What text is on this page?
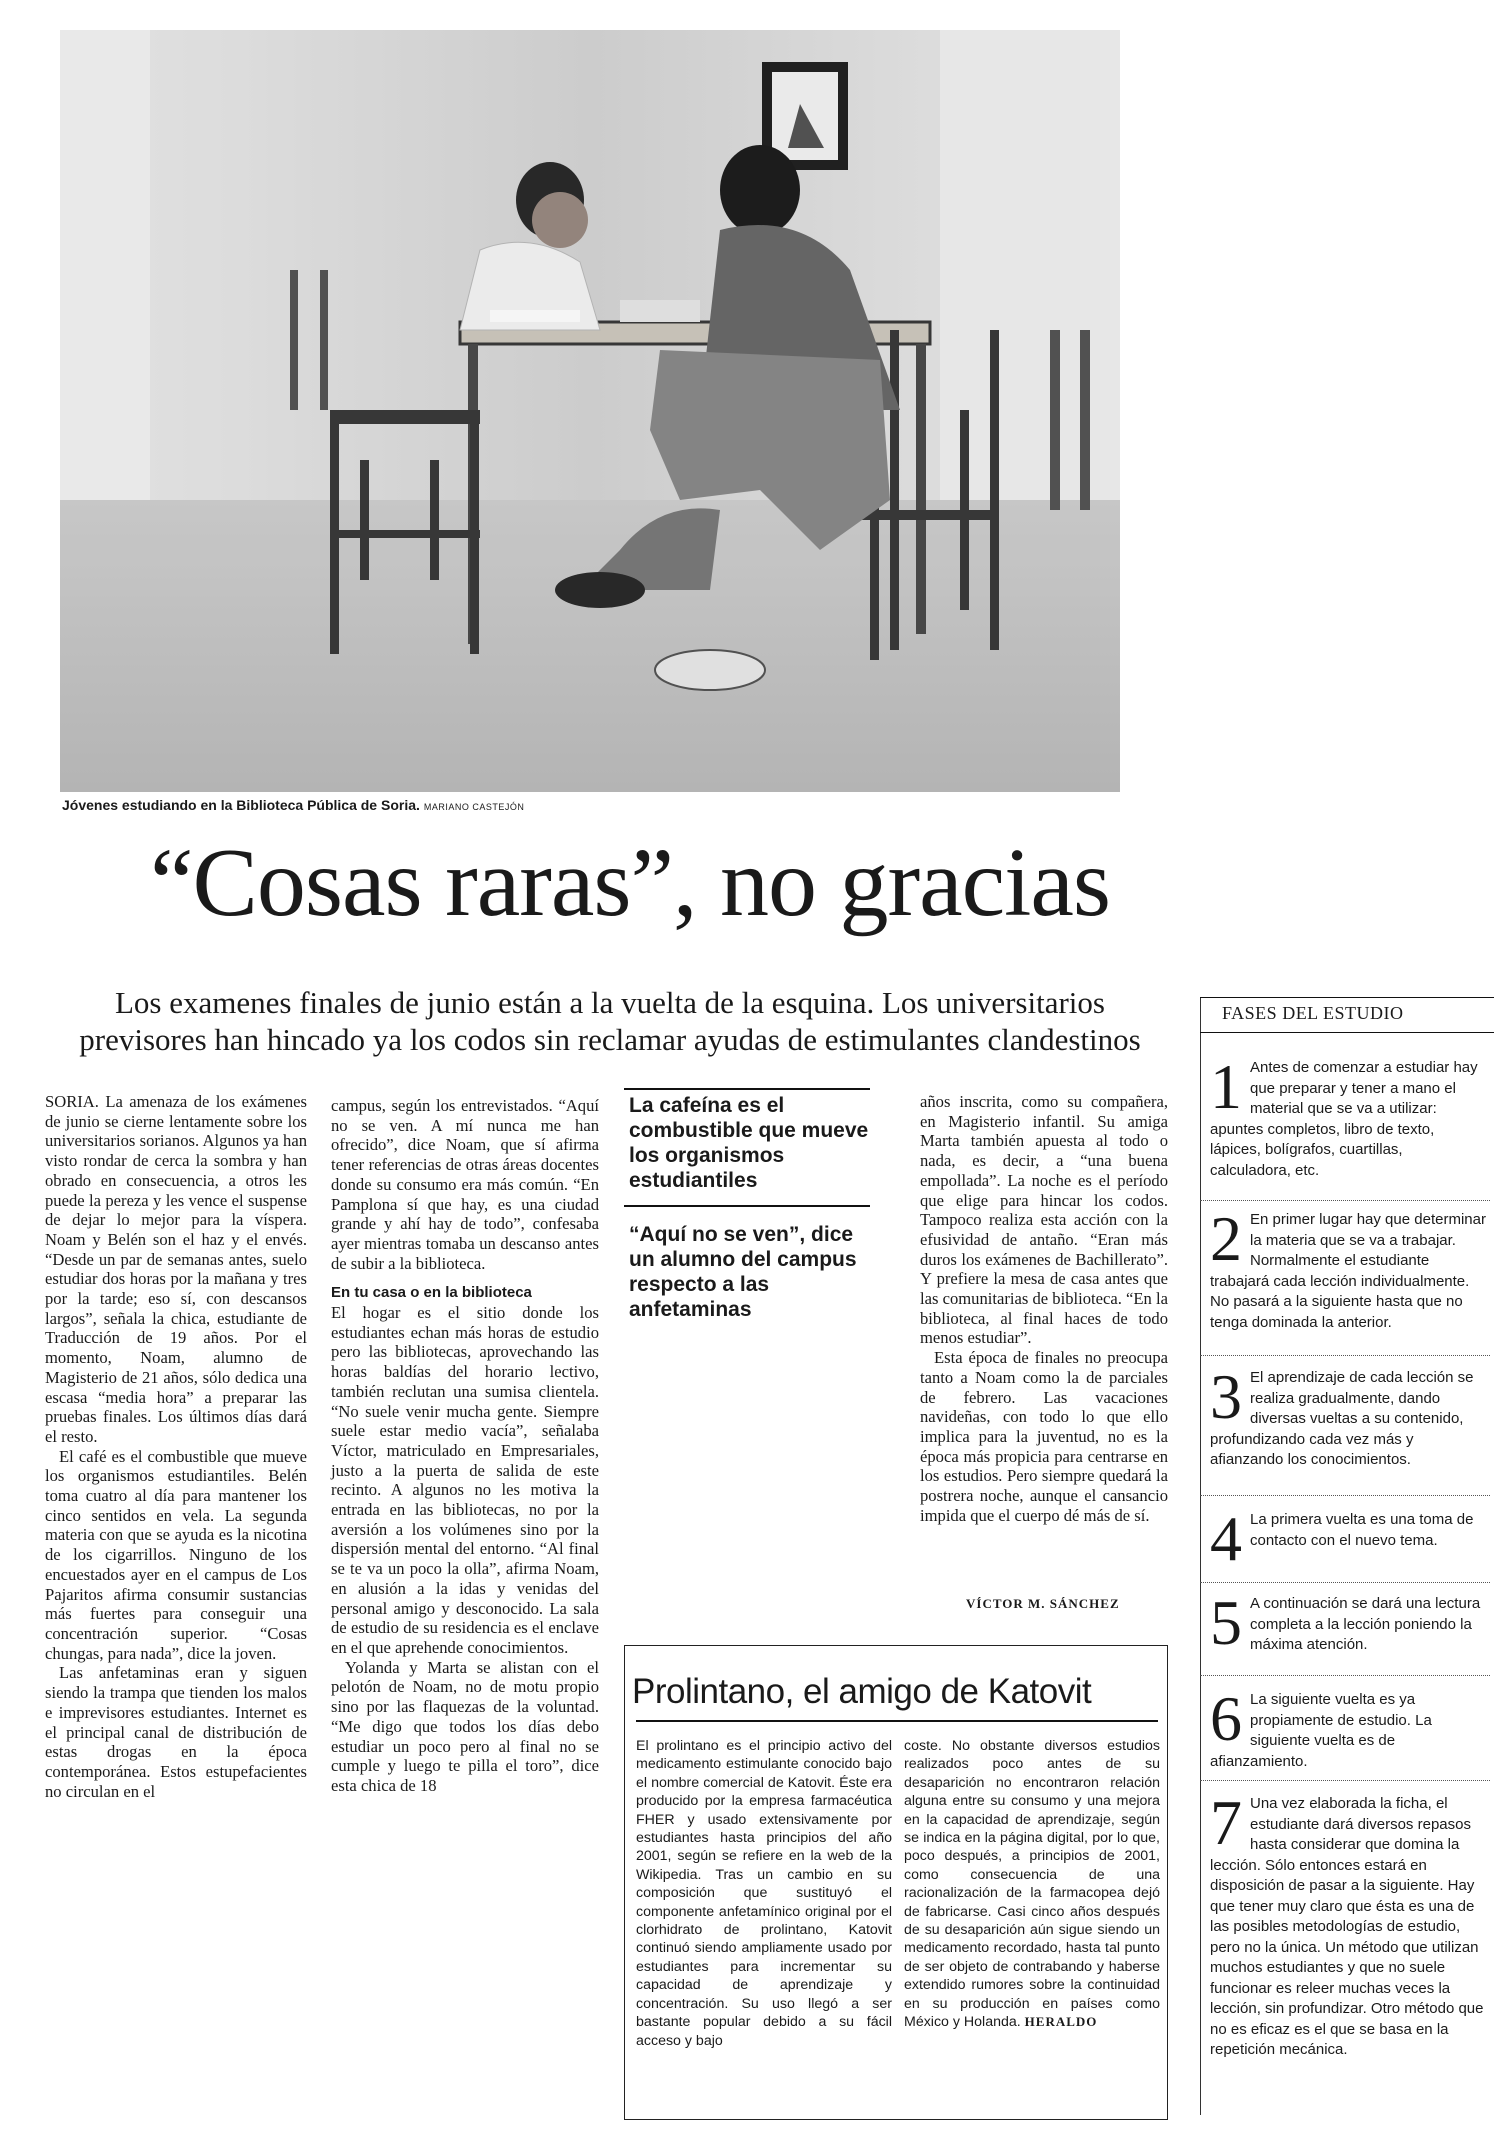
Jóvenes estudiando en la Biblioteca Pública de Soria. MARIANO CASTEJÓN
“Cosas raras”, no gracias
Los examenes finales de junio están a la vuelta de la esquina. Los universitarios previsores han hincado ya los codos sin reclamar ayudas de estimulantes clandestinos

SORIA. La amenaza de los exámenes de junio se cierne lentamente sobre los universitarios sorianos. Algunos ya han visto rondar de cerca la sombra y han obrado en consecuencia, a otros les puede la pereza y les vence el suspense de dejar lo mejor para la víspera. Noam y Belén son el haz y el envés. “Desde un par de semanas antes, suelo estudiar dos horas por la mañana y tres por la tarde; eso sí, con descansos largos”, señala la chica, estudiante de Traducción de 19 años. Por el momento, Noam, alumno de Magisterio de 21 años, sólo dedica una escasa “media hora” a preparar las pruebas finales. Los últimos días dará el resto.

El café es el combustible que mueve los organismos estudiantiles. Belén toma cuatro al día para mantener los cinco sentidos en vela. La segunda materia con que se ayuda es la nicotina de los cigarrillos. Ninguno de los encuestados ayer en el campus de Los Pajaritos afirma consumir sustancias más fuertes para conseguir una concentración superior. “Cosas chungas, para nada”, dice la joven.

Las anfetaminas eran y siguen siendo la trampa que tienden los malos e imprevisores estudiantes. Internet es el principal canal de distribución de estas drogas en la época contemporánea. Estos estupefacientes no circulan en el

campus, según los entrevistados. “Aquí no se ven. A mí nunca me han ofrecido”, dice Noam, que sí afirma tener referencias de otras áreas docentes donde su consumo era más común. “En Pamplona sí que hay, es una ciudad grande y ahí hay de todo”, confesaba ayer mientras tomaba un descanso antes de subir a la biblioteca.

En tu casa o en la biblioteca

El hogar es el sitio donde los estudiantes echan más horas de estudio pero las bibliotecas, aprovechando las horas baldías del horario lectivo, también reclutan una sumisa clientela. “No suele venir mucha gente. Siempre suele estar medio vacía”, señalaba Víctor, matriculado en Empresariales, justo a la puerta de salida de este recinto. A algunos no les motiva la entrada en las bibliotecas, no por la aversión a los volúmenes sino por la dispersión mental del entorno. “Al final se te va un poco la olla”, afirma Noam, en alusión a la idas y venidas del personal amigo y desconocido. La sala de estudio de su residencia es el enclave en el que aprehende conocimientos.

Yolanda y Marta se alistan con el pelotón de Noam, no de motu propio sino por las flaquezas de la voluntad. “Me digo que todos los días debo estudiar un poco pero al final no se cumple y luego te pilla el toro”, dice esta chica de 18

La cafeína es el combustible que mueve los organismos estudiantiles
“Aquí no se ven”, dice un alumno del campus respecto a las anfetaminas

años inscrita, como su compañera, en Magisterio infantil. Su amiga Marta también apuesta al todo o nada, es decir, a “una buena empollada”. La noche es el período que elige para hincar los codos. Tampoco realiza esta acción con la efusividad de antaño. “Eran más duros los exámenes de Bachillerato”. Y prefiere la mesa de casa antes que las comunitarias de biblioteca. “En la biblioteca, al final haces de todo menos estudiar”.

Esta época de finales no preocupa tanto a Noam como la de parciales de febrero. Las vacaciones navideñas, con todo lo que ello implica para la juventud, no es la época más propicia para centrarse en los estudios. Pero siempre quedará la postrera noche, aunque el cansancio impida que el cuerpo dé más de sí.

VÍCTOR M. SÁNCHEZ
Prolintano, el amigo de Katovit

El prolintano es el principio activo del medicamento estimulante conocido bajo el nombre comercial de Katovit. Éste era producido por la empresa farmacéutica FHER y usado extensivamente por estudiantes hasta principios del año 2001, según se refiere en la web de la Wikipedia. Tras un cambio en su composición que sustituyó el componente anfetamínico original por el clorhidrato de prolintano, Katovit continuó siendo ampliamente usado por estudiantes para incrementar su capacidad de aprendizaje y concentración. Su uso llegó a ser bastante popular debido a su fácil acceso y bajo

coste. No obstante diversos estudios realizados poco antes de su desaparición no encontraron relación alguna entre su consumo y una mejora en la capacidad de aprendizaje, según se indica en la página digital, por lo que, poco después, a principios de 2001, como consecuencia de una racionalización de la farmacopea dejó de fabricarse. Casi cinco años después de su desaparición aún sigue siendo un medicamento recordado, hasta tal punto de ser objeto de contrabando y haberse extendido rumores sobre la continuidad en su producción en países como México y Holanda. HERALDO

FASES DEL ESTUDIO
1 Antes de comenzar a estudiar hay que preparar y tener a mano el material que se va a utilizar: apuntes completos, libro de texto, lápices, bolígrafos, cuartillas, calculadora, etc.
2 En primer lugar hay que determinar la materia que se va a trabajar. Normalmente el estudiante trabajará cada lección individualmente. No pasará a la siguiente hasta que no tenga dominada la anterior.
3 El aprendizaje de cada lección se realiza gradualmente, dando diversas vueltas a su contenido, profundizando cada vez más y afianzando los conocimientos.
4 La primera vuelta es una toma de contacto con el nuevo tema.
5 A continuación se dará una lectura completa a la lección poniendo la máxima atención.
6 La siguiente vuelta es ya propiamente de estudio. La siguiente vuelta es de afianzamiento.
7 Una vez elaborada la ficha, el estudiante dará diversos repasos hasta considerar que domina la lección. Sólo entonces estará en disposición de pasar a la siguiente. Hay que tener muy claro que ésta es una de las posibles metodologías de estudio, pero no la única. Un método que utilizan muchos estudiantes y que no suele funcionar es releer muchas veces la lección, sin profundizar. Otro método que no es eficaz es el que se basa en la repetición mecánica.
